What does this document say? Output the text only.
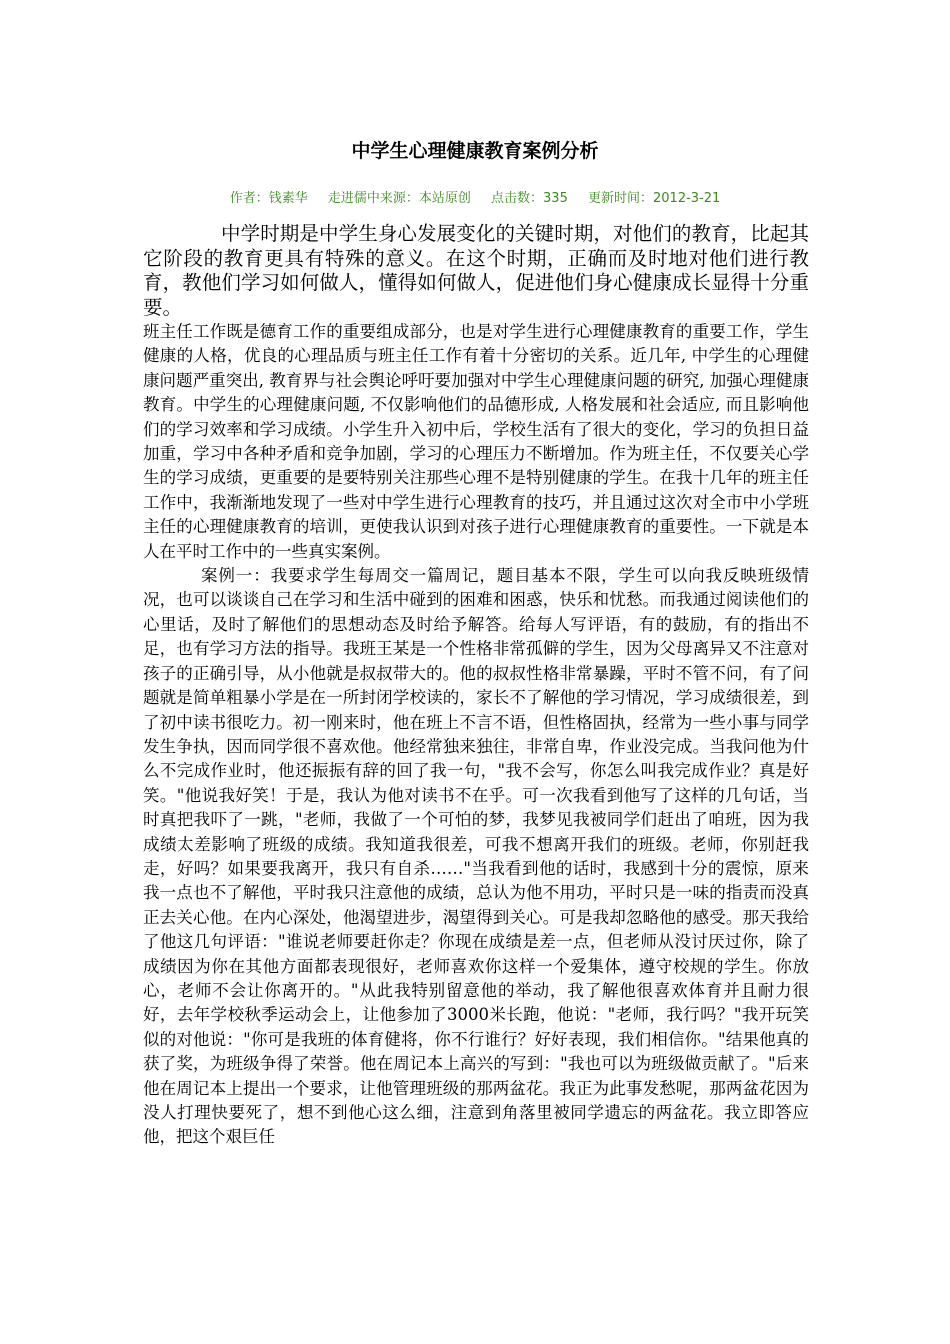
中学生心理健康教育案例分析
作者：钱素华 走进儒中来源：本站原创 点击数：335 更新时间：2012-3-21

中学时期是中学生身心发展变化的关键时期，对他们的教育，比起其它阶段的教育更具有特殊的意义。在这个时期，正确而及时地对他们进行教育，教他们学习如何做人，懂得如何做人，促进他们身心健康成长显得十分重要。

班主任工作既是德育工作的重要组成部分，也是对学生进行心理健康教育的重要工作，学生健康的人格，优良的心理品质与班主任工作有着十分密切的关系。近几年, 中学生的心理健康问题严重突出, 教育界与社会舆论呼吁要加强对中学生心理健康问题的研究, 加强心理健康教育。中学生的心理健康问题, 不仅影响他们的品德形成, 人格发展和社会适应, 而且影响他们的学习效率和学习成绩。小学生升入初中后，学校生活有了很大的变化，学习的负担日益加重，学习中各种矛盾和竞争加剧，学习的心理压力不断增加。作为班主任，不仅要关心学生的学习成绩，更重要的是要特别关注那些心理不是特别健康的学生。在我十几年的班主任工作中，我渐渐地发现了一些对中学生进行心理教育的技巧，并且通过这次对全市中小学班主任的心理健康教育的培训，更使我认识到对孩子进行心理健康教育的重要性。一下就是本人在平时工作中的一些真实案例。

案例一：我要求学生每周交一篇周记，题目基本不限，学生可以向我反映班级情况，也可以谈谈自己在学习和生活中碰到的困难和困惑，快乐和忧愁。而我通过阅读他们的心里话，及时了解他们的思想动态及时给予解答。给每人写评语，有的鼓励，有的指出不足，也有学习方法的指导。我班王某是一个性格非常孤僻的学生，因为父母离异又不注意对孩子的正确引导，从小他就是叔叔带大的。他的叔叔性格非常暴躁，平时不管不问，有了问题就是简单粗暴小学是在一所封闭学校读的，家长不了解他的学习情况，学习成绩很差，到了初中读书很吃力。初一刚来时，他在班上不言不语，但性格固执，经常为一些小事与同学发生争执，因而同学很不喜欢他。他经常独来独往，非常自卑，作业没完成。当我问他为什么不完成作业时，他还振振有辞的回了我一句，"我不会写，你怎么叫我完成作业？真是好笑。"他说我好笑！于是，我认为他对读书不在乎。可一次我看到他写了这样的几句话，当时真把我吓了一跳，"老师，我做了一个可怕的梦，我梦见我被同学们赶出了咱班，因为我成绩太差影响了班级的成绩。我知道我很差，可我不想离开我们的班级。老师，你别赶我走，好吗？如果要我离开，我只有自杀……"当我看到他的话时，我感到十分的震惊，原来我一点也不了解他，平时我只注意他的成绩，总认为他不用功，平时只是一味的指责而没真正去关心他。在内心深处，他渴望进步，渴望得到关心。可是我却忽略他的感受。那天我给了他这几句评语："谁说老师要赶你走？你现在成绩是差一点，但老师从没讨厌过你，除了成绩因为你在其他方面都表现很好，老师喜欢你这样一个爱集体，遵守校规的学生。你放心，老师不会让你离开的。"从此我特别留意他的举动，我了解他很喜欢体育并且耐力很好，去年学校秋季运动会上，让他参加了3000米长跑，他说："老师，我行吗？"我开玩笑似的对他说："你可是我班的体育健将，你不行谁行？好好表现，我们相信你。"结果他真的获了奖，为班级争得了荣誉。他在周记本上高兴的写到："我也可以为班级做贡献了。"后来他在周记本上提出一个要求，让他管理班级的那两盆花。我正为此事发愁呢，那两盆花因为没人打理快要死了，想不到他心这么细，注意到角落里被同学遗忘的两盆花。我立即答应他，把这个艰巨任
